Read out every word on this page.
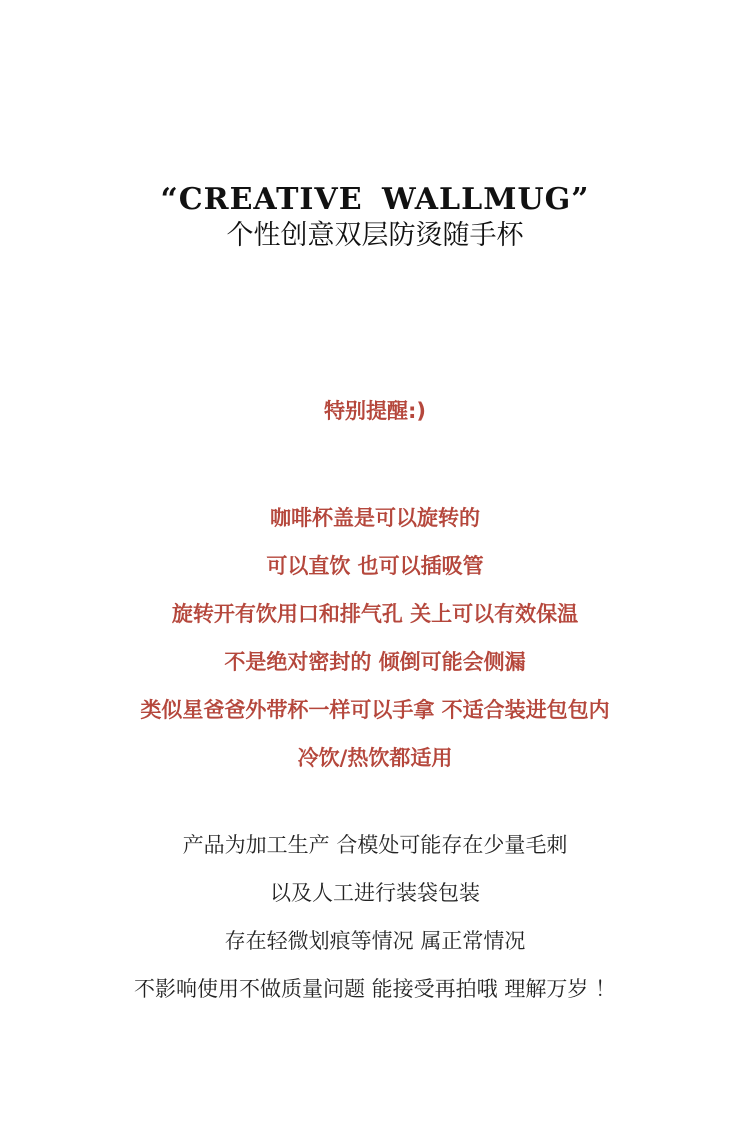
“CREATIVE WALLMUG”
个性创意双层防烫随手杯
特别提醒:)
咖啡杯盖是可以旋转的
可以直饮 也可以插吸管
旋转开有饮用口和排气孔 关上可以有效保温
不是绝对密封的 倾倒可能会侧漏
类似星爸爸外带杯一样可以手拿 不适合装进包包内
冷饮/热饮都适用
产品为加工生产 合模处可能存在少量毛刺
以及人工进行装袋包装
存在轻微划痕等情况 属正常情况
不影响使用不做质量问题 能接受再拍哦 理解万岁 ！
